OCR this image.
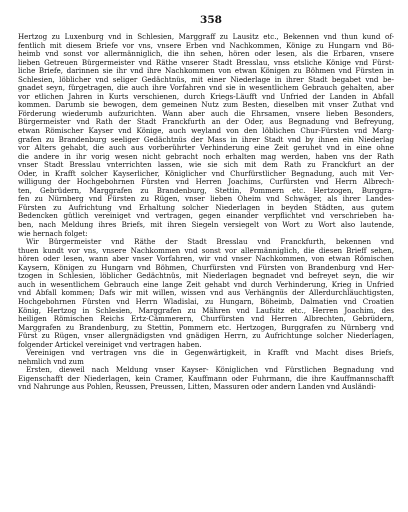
358

Hertzog zu Luxenburg vnd in Schlesien, Marggraff zu Lausitz etc., Bekennen vnd thun kund of-
fentlich mit diesem Briefe vor vns, vnsere Erben vnd Nachkommen, Könige zu Hungarn vnd Bö-
heimb vnd sonst vor allermänniglich, die ihn sehen, hören oder lesen, als die Erbaren, vnsere
lieben Getreuen Bürgermeister vnd Räthe vnserer Stadt Bresslau, vnss etsliche Könige vnd Fürst-
liche Briefe, darinnen sie ihr vnd ihre Nachkommen von etwan Königen zu Böhmen vnd Fürsten in
Schlesien, löblicher vnd seliger Gedächtnüs, mit einer Niederlage in ihrer Stadt begabet vnd be-
gnadet seyn, fürgetragen, die auch ihre Vorfahren vnd sie in wesentlichem Gebrauch gehalten, aber
vor etlichen Jahren in Kurts verschienen, durch Kriegs-Läufft vnd Unfried der Landen in Abfall
kommen. Darumb sie bewogen, dem gemeinen Nutz zum Besten, dieselben mit vnser Zuthat vnd
Förderung wiederumb aufzurichten. Wann aber auch die Ehrsamen, vnsere lieben Besonders,
Bürgermeister vnd Rath der Stadt Franckfurth an der Oder, aus Begnadung vnd Befreyung,
etwan Römischer Kayser vnd Könige, auch weyland von den löblichen Chur-Fürsten vnd Marg-
grafen zu Brandenburg seeliger Gedächtnüs der Mass in ihrer Stadt vnd by ihnen ein Niederlag
vor Alters gehabt, die auch aus vorberührter Verhinderung eine Zeit geruhet vnd in eine ohne
die andere in ihr vorig wesen nicht gebracht noch erhalten mag werden, haben vns der Rath
vnser Stadt Bresslau vnterrichten lassen, wie sie sich mit dem Rath zu Franckfurt an der
Oder, in Krafft solcher Kayserlicher, Königlicher vnd Churfürstlicher Begnadung, auch mit Ver-
willigung der Hochgebohrnen Fürsten vnd Herren Joachims, Curfürsten vnd Herrn Albrech-
ten, Gebrüdern, Marggrafen zu Brandenburg, Stettin, Pommern etc. Hertzogen, Burggra-
fen zu Nürnberg vnd Fürsten zu Rügen, vnser lieben Oheim vnd Schwäger, als ihrer Landes-
Fürsten zu Aufrichtung vnd Erhaltung solcher Niederlagen in beyden Städten, aus gutem
Bedencken gütlich vereiniget vnd vertragen, gegen einander verpflichtet vnd verschrieben ha-
ben, nach Meldung ihres Briefs, mit ihren Siegeln versiegelt von Wort zu Wort also lautende,
wie hernach folget:

Wir Bürgermeister vnd Räthe der Stadt Bresslau vnd Franckfurth, bekennen vnd
thuen kundt vor vns, vnsere Nachkommen vnd sonst vor allermänniglich, die diesen Brieff sehen,
hören oder lesen, wann aber vnser Vorfahren, wir vnd vnser Nachkommen, von etwan Römischen
Kaysern, Königen zu Hungarn vnd Böhmen, Churfürsten vnd Fürsten von Brandenburg vnd Her-
tzogen in Schlesien, löblicher Gedächtnüs, mit Niederlagen begnadet vnd befreyet seyn, die wir
auch in wesentlichem Gebrauch eine lange Zeit gehabt vnd durch Verhinderung, Krieg in Unfried
vnd Abfall kommen; Dafs wir mit willen, wissen vnd aus Verhängnüs der Allerdurchläuchtigsten,
Hochgebohrnen Fürsten vnd Herrn Wladislai, zu Hungarn, Böheimb, Dalmatien vnd Croatien
König, Hertzog in Schlesien, Marggrafen zu Mähren vnd Laufsitz etc., Herren Joachim, des
heiligen Römischen Reichs Ertz-Cämmerern, Churfürsten vnd Herren Albrechten, Gebrüdern,
Marggrafen zu Brandenburg, zu Stettin, Pommern etc. Hertzogen, Burggrafen zu Nürnberg vnd
Fürst zu Rügen, vnser allergnädigsten vnd gnädigen Herrn, zu Aufrichtunge solcher Niederlagen,
folgender Artickel vereiniget vnd vertragen haben.

Vereinigen vnd vertragen vns die in Gegenwärtigkeit, in Krafft vnd Macht dises Briefs,
nehmlich vnd zum

Ersten, dieweil nach Meldung vnser Kayser- Königlichen vnd Fürstlichen Begnadung vnd
Eigenschafft der Niederlagen, kein Cramer, Kauffmann oder Fuhrmann, die ihre Kauffmannschafft
vnd Nahrunge aus Pohlen, Reussen, Preussen, Litten, Massuren oder andern Landen vnd Ausländi-
